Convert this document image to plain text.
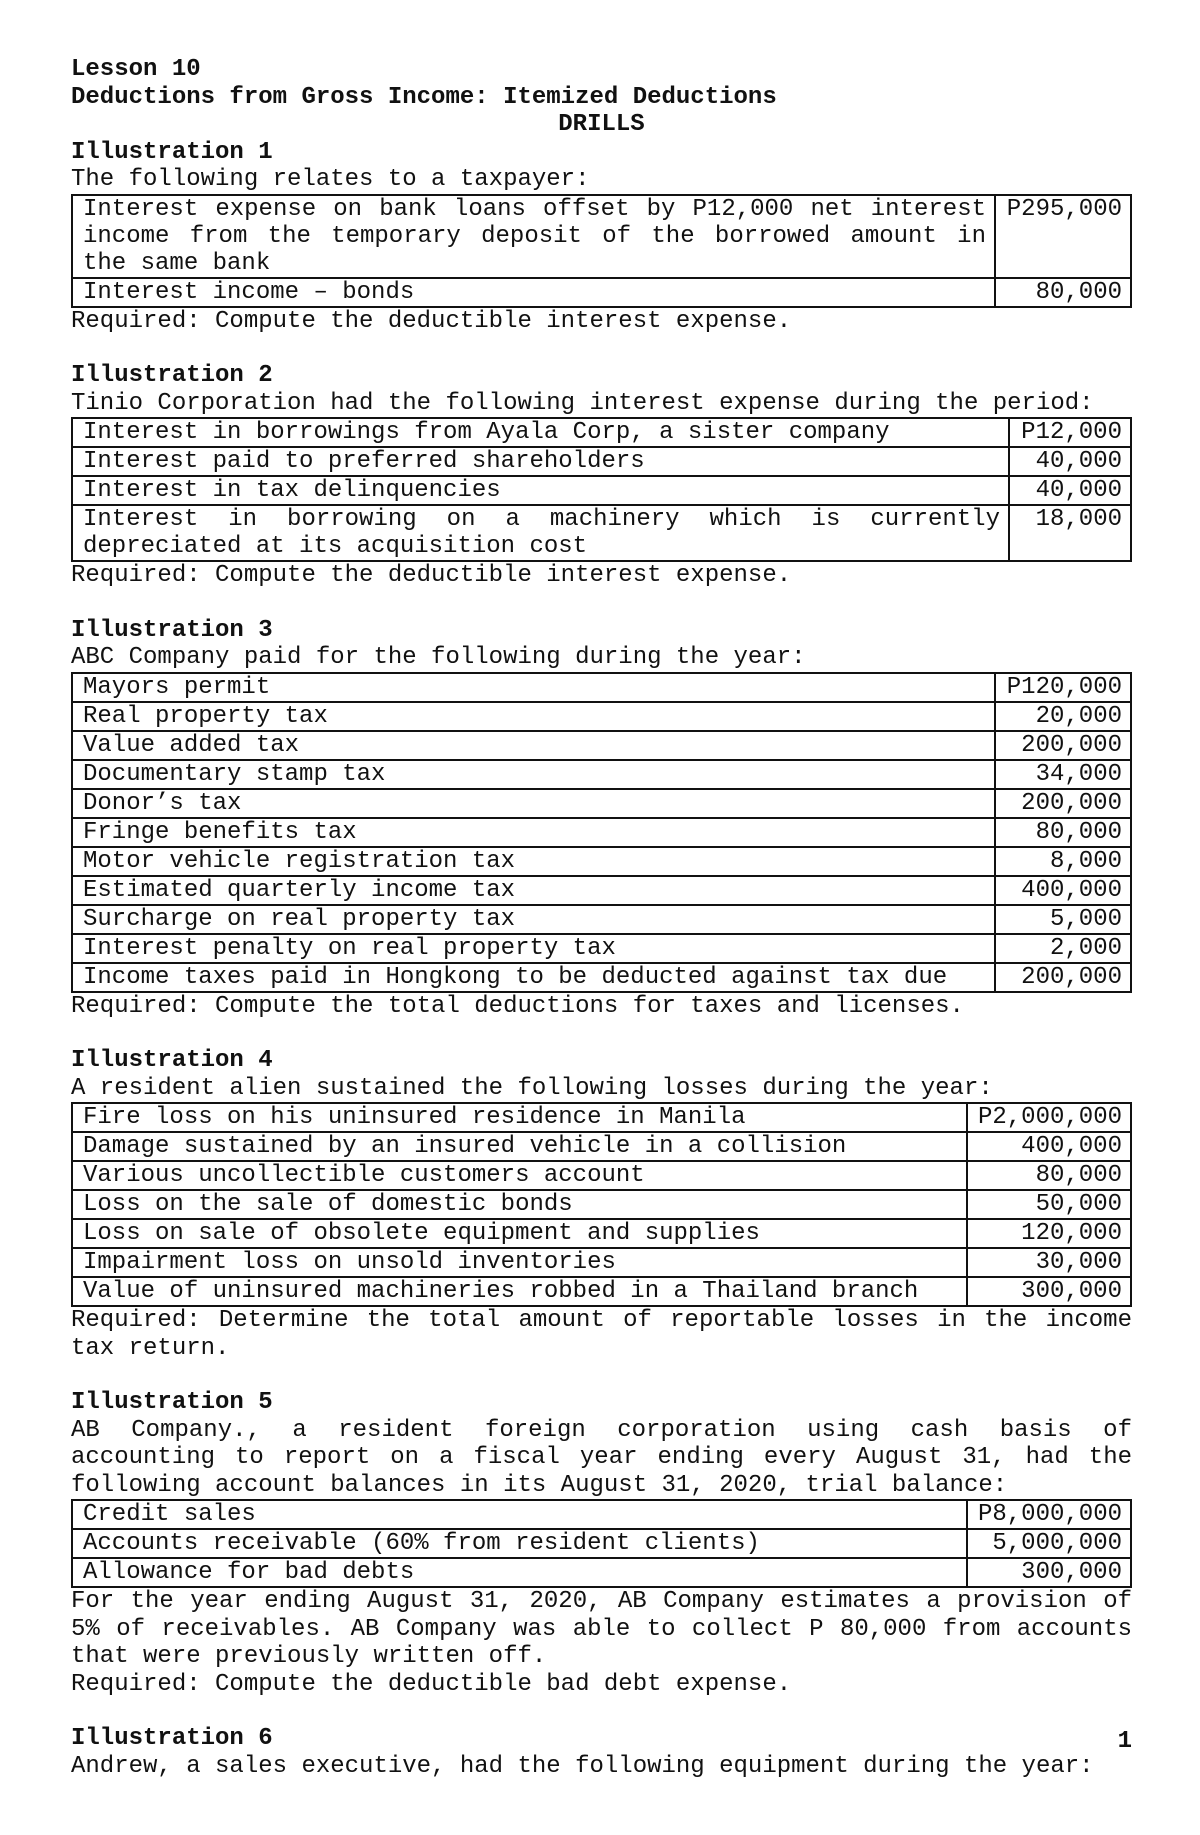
Lesson 10
Deductions from Gross Income: Itemized Deductions
DRILLS
Illustration 1
The following relates to a taxpayer:
Interest expense on bank loans offset by P12,000 net interest income from the temporary deposit of the borrowed amount in the same bank	P295,000
Interest income – bonds	80,000
Required: Compute the deductible interest expense.
Illustration 2
Tinio Corporation had the following interest expense during the period:
Interest in borrowings from Ayala Corp, a sister company	P12,000
Interest paid to preferred shareholders	40,000
Interest in tax delinquencies	40,000
Interest in borrowing on a machinery which is currently depreciated at its acquisition cost	18,000
Required: Compute the deductible interest expense.
Illustration 3
ABC Company paid for the following during the year:
Mayors permit	P120,000
Real property tax	20,000
Value added tax	200,000
Documentary stamp tax	34,000
Donor’s tax	200,000
Fringe benefits tax	80,000
Motor vehicle registration tax	8,000
Estimated quarterly income tax	400,000
Surcharge on real property tax	5,000
Interest penalty on real property tax	2,000
Income taxes paid in Hongkong to be deducted against tax due	200,000
Required: Compute the total deductions for taxes and licenses.
Illustration 4
A resident alien sustained the following losses during the year:
Fire loss on his uninsured residence in Manila	P2,000,000
Damage sustained by an insured vehicle in a collision	400,000
Various uncollectible customers account	80,000
Loss on the sale of domestic bonds	50,000
Loss on sale of obsolete equipment and supplies	120,000
Impairment loss on unsold inventories	30,000
Value of uninsured machineries robbed in a Thailand branch	300,000
Required: Determine the total amount of reportable losses in the income tax return.
Illustration 5
AB Company., a resident foreign corporation using cash basis of accounting to report on a fiscal year ending every August 31, had the following account balances in its August 31, 2020, trial balance:
Credit sales	P8,000,000
Accounts receivable (60% from resident clients)	5,000,000
Allowance for bad debts	300,000
For the year ending August 31, 2020, AB Company estimates a provision of 5% of receivables. AB Company was able to collect P 80,000 from accounts that were previously written off.
Required: Compute the deductible bad debt expense.
Illustration 6
Andrew, a sales executive, had the following equipment during the year:
1
